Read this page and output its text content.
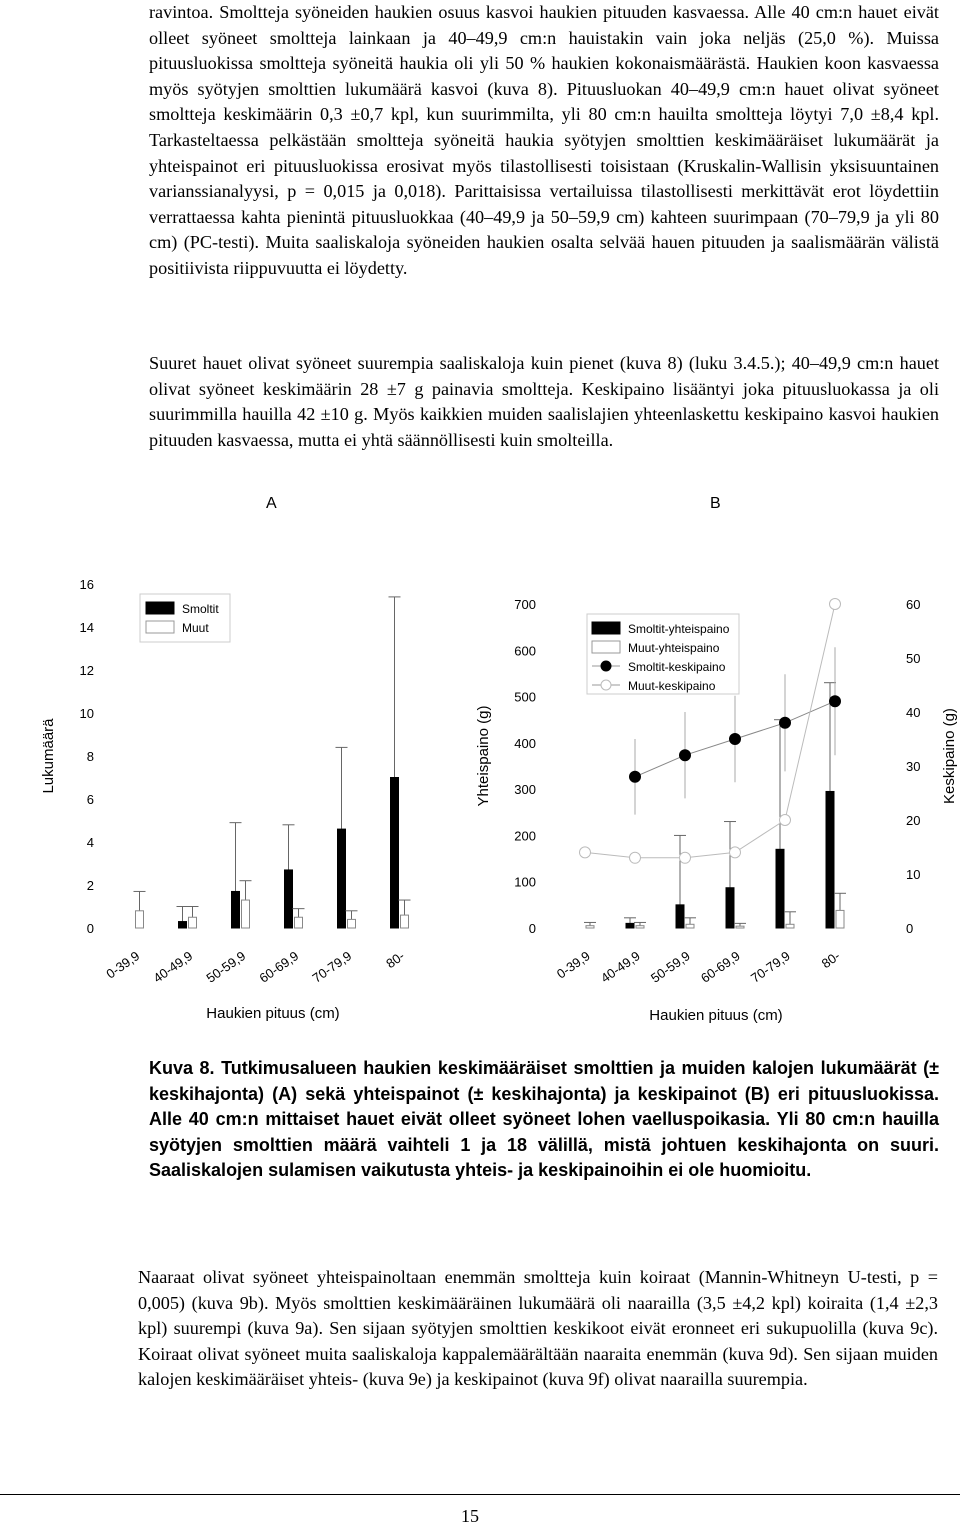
ravintoa. Smoltteja syöneiden haukien osuus kasvoi haukien pituuden kasvaessa. Alle 40 cm:n hauet eivät olleet syöneet smoltteja lainkaan ja 40–49,9 cm:n hauistakin vain joka neljäs (25,0 %). Muissa pituusluokissa smoltteja syöneitä haukia oli yli 50 % haukien kokonaismäärästä. Haukien koon kasvaessa myös syötyjen smolttien lukumäärä kasvoi (kuva 8). Pituusluokan 40–49,9 cm:n hauet olivat syöneet smoltteja keskimäärin 0,3 ±0,7 kpl, kun suurimmilta, yli 80 cm:n hauilta smoltteja löytyi 7,0 ±8,4 kpl. Tarkasteltaessa pelkästään smoltteja syöneitä haukia syötyjen smolttien keskimääräiset lukumäärät ja yhteispainot eri pituusluokissa erosivat myös tilastollisesti toisistaan (Kruskalin-Wallisin yksisuuntainen varianssianalyysi, p = 0,015 ja 0,018). Parittaisissa vertailuissa tilastollisesti merkittävät erot löydettiin verrattaessa kahta pienintä pituusluokkaa (40–49,9 ja 50–59,9 cm) kahteen suurimpaan (70–79,9 ja yli 80 cm) (PC-testi). Muita saaliskaloja syöneiden haukien osalta selvää hauen pituuden ja saalismäärän välistä positiivista riippuvuutta ei löydetty.

Suuret hauet olivat syöneet suurempia saaliskaloja kuin pienet (kuva 8) (luku 3.4.5.); 40–49,9 cm:n hauet olivat syöneet keskimäärin 28 ±7 g painavia smoltteja. Keskipaino lisääntyi joka pituusluokassa ja oli suurimmilla hauilla 42 ±10 g. Myös kaikkien muiden saalislajien yhteenlaskettu keskipaino kasvoi haukien pituuden kasvaessa, mutta ei yhtä säännöllisesti kuin smolteilla.

A	B
0
2
4
6
8
10
12
14
16
Lukumäärä
0-39,9 40-49,9 50-59,9 60-69,9 70-79,9 80-
Haukien pituus (cm)
Smoltit
Muut
0
100
200
300
400
500
600
700
0
10
20
30
40
50
60
Yhteispaino (g)	Keskipaino (g)
0-39,9 40-49,9 50-59,9 60-69,9 70-79,9 80-
Haukien pituus (cm)
Smoltit-yhteispaino
Muut-yhteispaino
Smoltit-keskipaino
Muut-keskipaino

Kuva 8. Tutkimusalueen haukien keskimääräiset smolttien ja muiden kalojen lukumäärät (± keskihajonta) (A) sekä yhteispainot (± keskihajonta) ja keskipainot (B) eri pituusluokissa. Alle 40 cm:n mittaiset hauet eivät olleet syöneet lohen vaelluspoikasia. Yli 80 cm:n hauilla syötyjen smolttien määrä vaihteli 1 ja 18 välillä, mistä johtuen keskihajonta on suuri. Saaliskalojen sulamisen vaikutusta yhteis- ja keskipainoihin ei ole huomioitu.

Naaraat olivat syöneet yhteispainoltaan enemmän smoltteja kuin koiraat (Mannin-Whitneyn U-testi, p = 0,005) (kuva 9b). Myös smolttien keskimääräinen lukumäärä oli naarailla (3,5 ±4,2 kpl) koiraita (1,4 ±2,3 kpl) suurempi (kuva 9a). Sen sijaan syötyjen smolttien keskikoot eivät eronneet eri sukupuolilla (kuva 9c). Koiraat olivat syöneet muita saaliskaloja kappalemäärältään naaraita enemmän (kuva 9d). Sen sijaan muiden kalojen keskimääräiset yhteis- (kuva 9e) ja keskipainot (kuva 9f) olivat naarailla suurempia.

15
